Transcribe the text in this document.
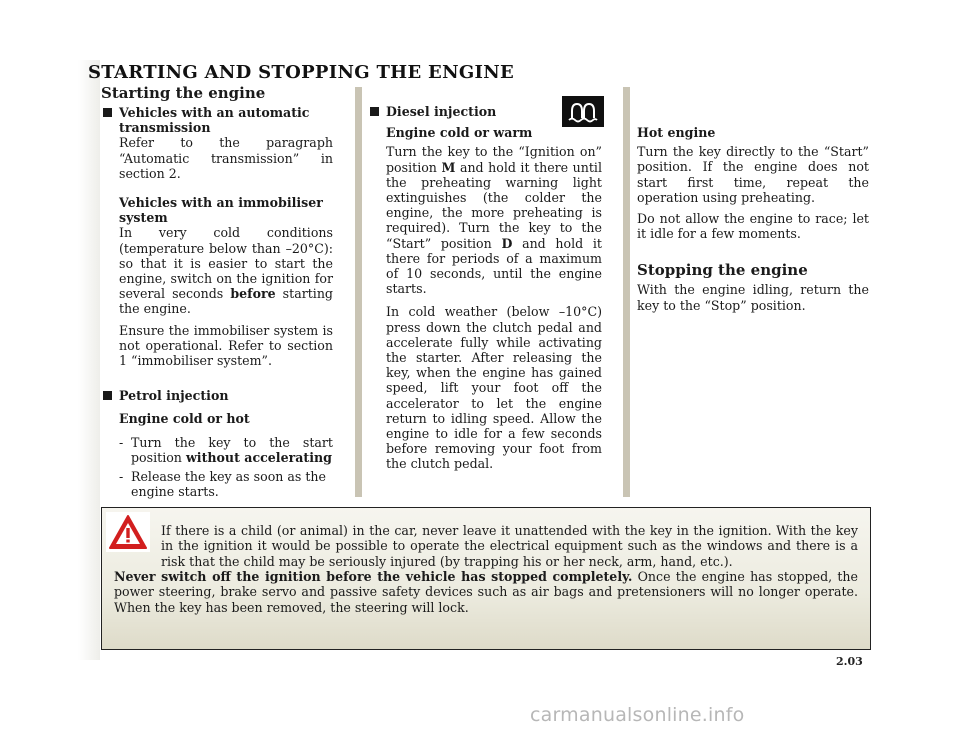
STARTING AND STOPPING THE ENGINE

Starting the engine

Vehicles with an automatic transmission

Refer to the paragraph “Automatic transmission” in section 2.

Vehicles with an immobiliser system

In very cold conditions (temperature below than –20°C): so that it is easier to start the engine, switch on the ignition for several seconds before starting the engine.

Ensure the immobiliser system is not operational. Refer to section 1 “immobiliser system”.

Petrol injection

Engine cold or hot

- Turn the key to the start position without accelerating

- Release the key as soon as the engine starts.

Diesel injection

Engine cold or warm

Turn the key to the “Ignition on” position M and hold it there until the preheating warning light extinguishes (the colder the engine, the more preheating is required). Turn the key to the “Start” position D and hold it there for periods of a maximum of 10 seconds, until the engine starts.

In cold weather (below –10°C) press down the clutch pedal and accelerate fully while activating the starter. After releasing the key, when the engine has gained speed, lift your foot off the accelerator to let the engine return to idling speed. Allow the engine to idle for a few seconds before removing your foot from the clutch pedal.

Hot engine

Turn the key directly to the “Start” position. If the engine does not start first time, repeat the operation using preheating.

Do not allow the engine to race; let it idle for a few moments.

Stopping the engine

With the engine idling, return the key to the “Stop” position.

If there is a child (or animal) in the car, never leave it unattended with the key in the ignition. With the key in the ignition it would be possible to operate the electrical equipment such as the windows and there is a risk that the child may be seriously injured (by trapping his or her neck, arm, hand, etc.).

Never switch off the ignition before the vehicle has stopped completely. Once the engine has stopped, the power steering, brake servo and passive safety devices such as air bags and pretensioners will no longer operate. When the key has been removed, the steering will lock.

2.03
carmanualsonline.info
